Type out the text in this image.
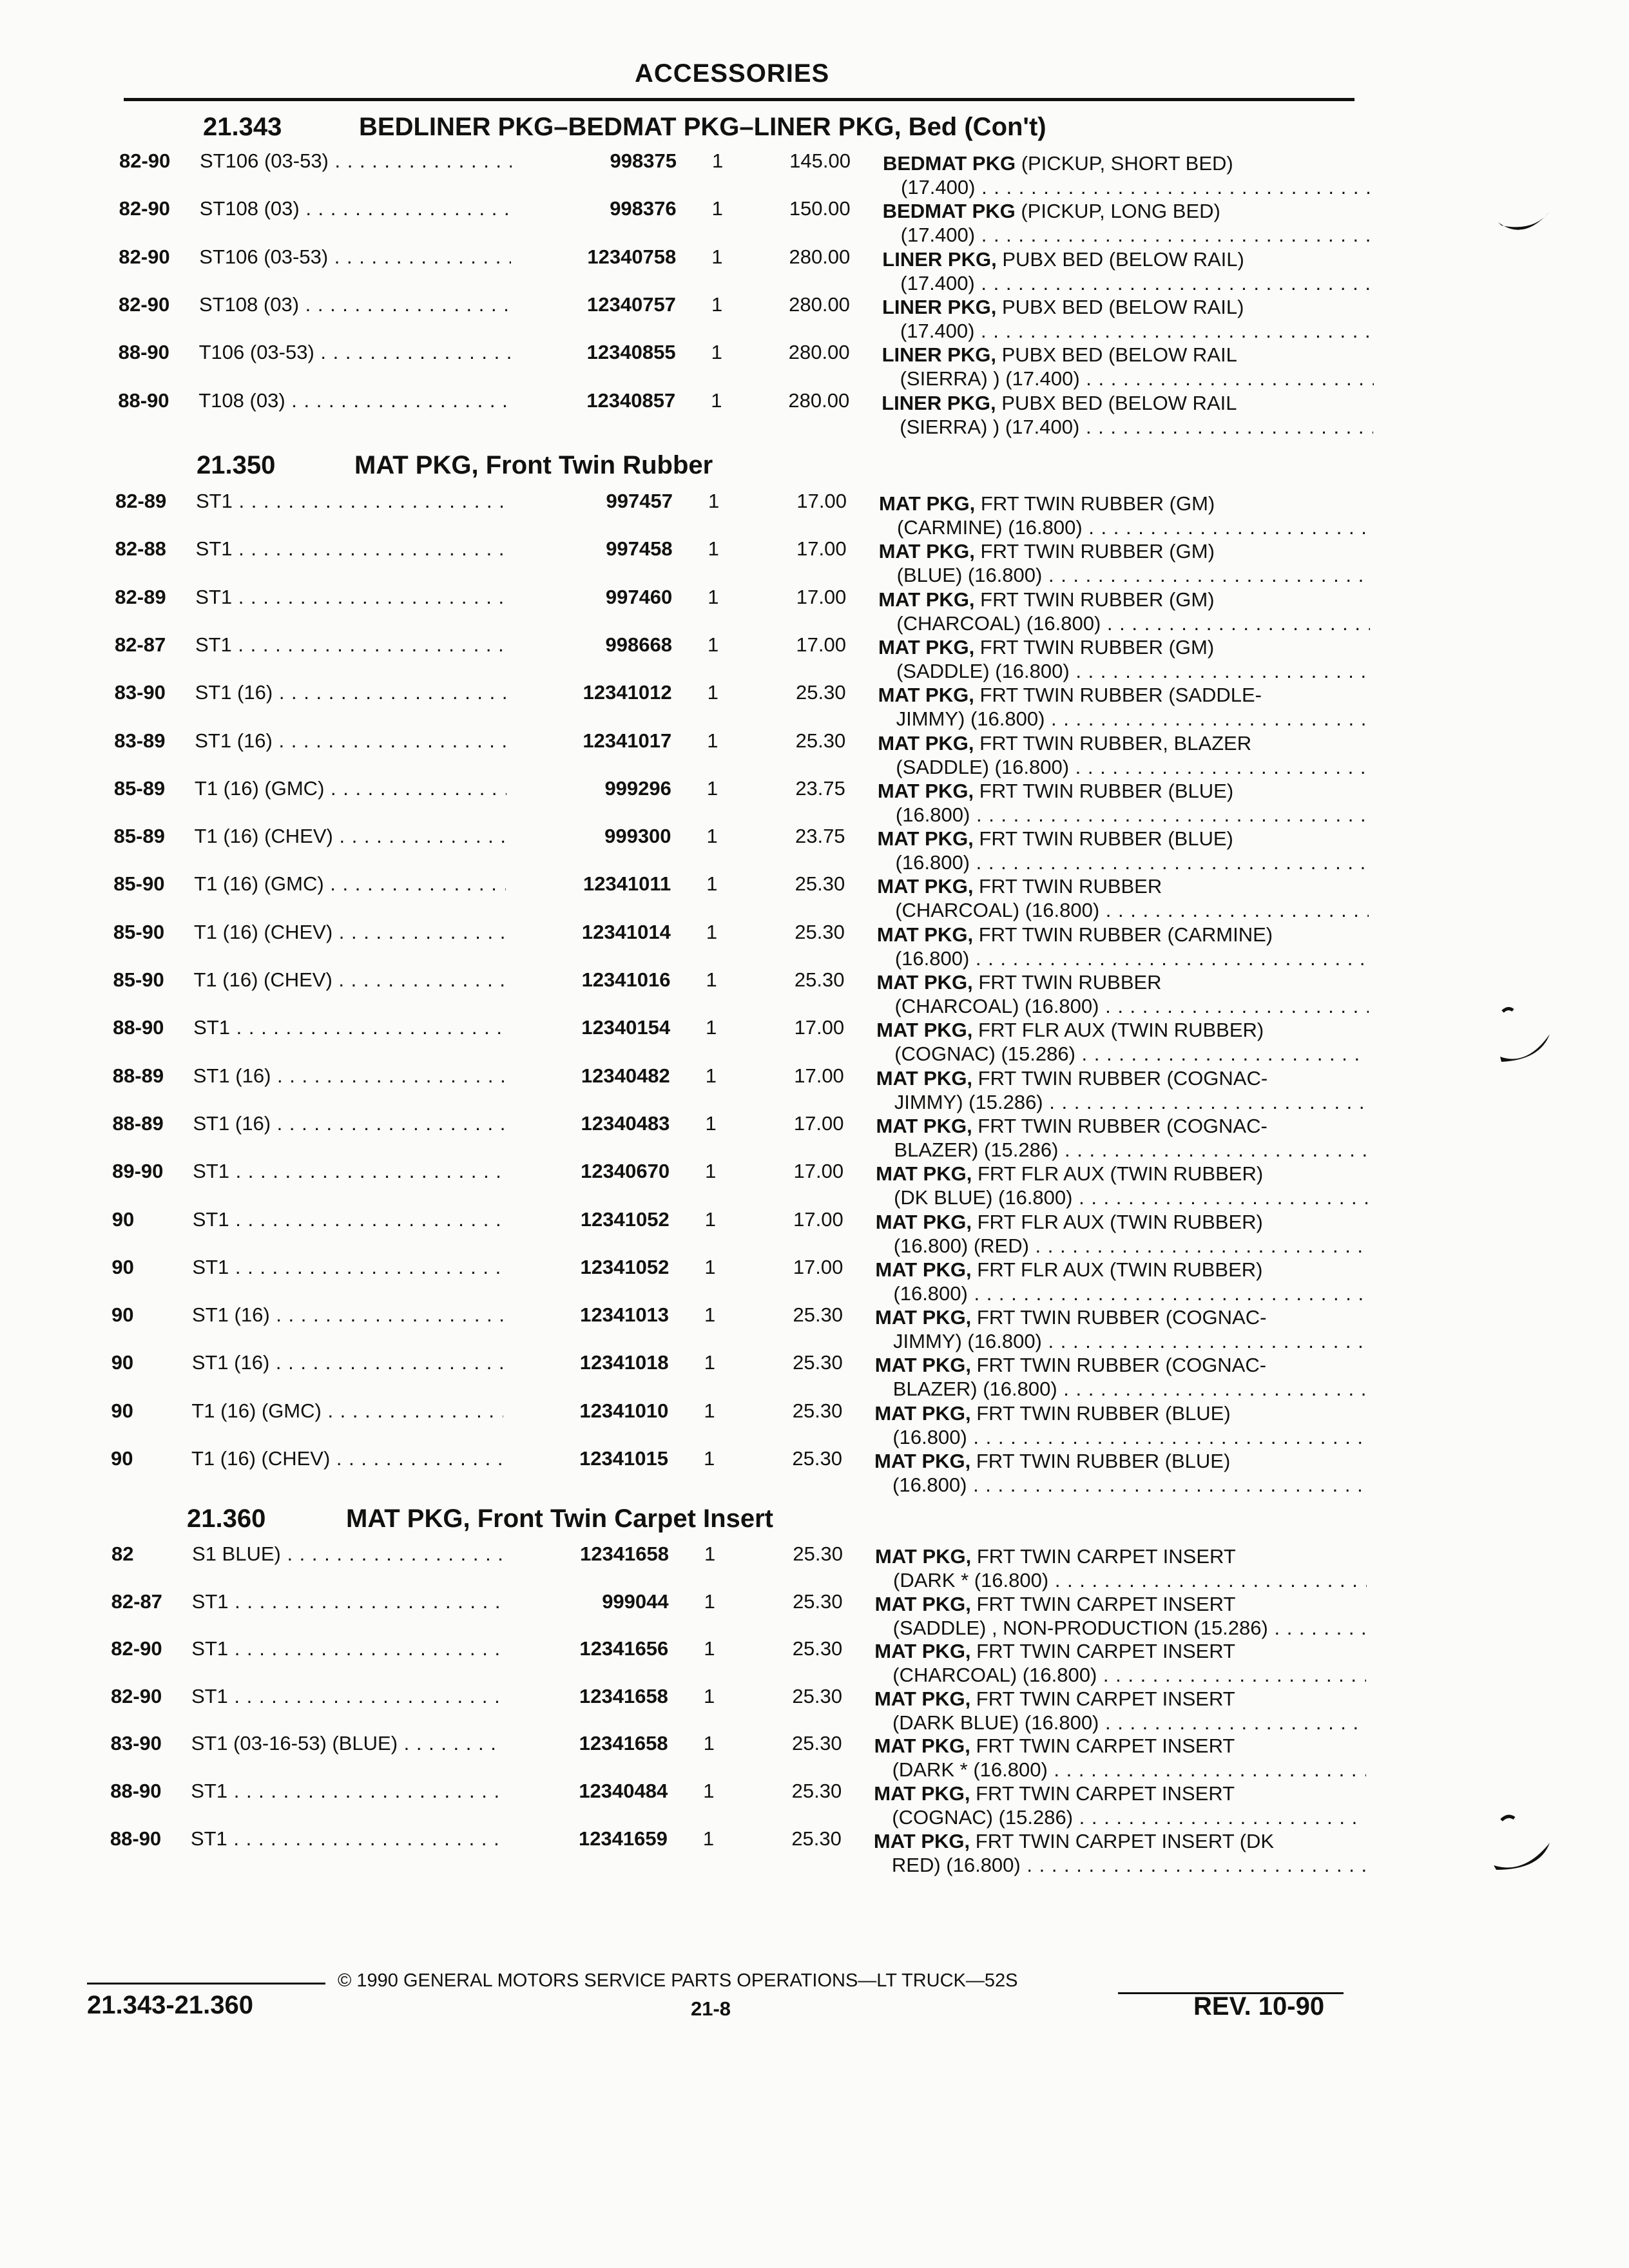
ACCESSORIES
21.343	BEDLINER PKG–BEDMAT PKG–LINER PKG, Bed (Con't)
82-90 ST106 (03-53) . . .	998375 1	145.00 BEDMAT PKG (PICKUP, SHORT BED)
(17.400) . . .
82-90 ST108 (03) . . .	998376 1	150.00 BEDMAT PKG (PICKUP, LONG BED)
(17.400) . . .
82-90 ST106 (03-53) . . .	12340758 1	280.00 LINER PKG, PUBX BED (BELOW RAIL)
(17.400) . . .
82-90 ST108 (03) . . .	12340757 1	280.00 LINER PKG, PUBX BED (BELOW RAIL)
(17.400) . . .
88-90 T106 (03-53) . . .	12340855 1	280.00 LINER PKG, PUBX BED (BELOW RAIL
(SIERRA) ) (17.400) . . .
88-90 T108 (03) . . .	12340857 1	280.00 LINER PKG, PUBX BED (BELOW RAIL
(SIERRA) ) (17.400) . . .
21.350	MAT PKG, Front Twin Rubber
82-89 ST1 . . .	997457 1	17.00 MAT PKG, FRT TWIN RUBBER (GM)
(CARMINE) (16.800) . . .
82-88 ST1 . . .	997458 1	17.00 MAT PKG, FRT TWIN RUBBER (GM)
(BLUE) (16.800) . . .
82-89 ST1 . . .	997460 1	17.00 MAT PKG, FRT TWIN RUBBER (GM)
(CHARCOAL) (16.800) . . .
82-87 ST1 . . .	998668 1	17.00 MAT PKG, FRT TWIN RUBBER (GM)
(SADDLE) (16.800) . . .
83-90 ST1 (16) . . .	12341012 1	25.30 MAT PKG, FRT TWIN RUBBER (SADDLE-
JIMMY) (16.800) . . .
83-89 ST1 (16) . . .	12341017 1	25.30 MAT PKG, FRT TWIN RUBBER, BLAZER
(SADDLE) (16.800) . . .
85-89 T1 (16) (GMC) . . .	999296 1	23.75 MAT PKG, FRT TWIN RUBBER (BLUE)
(16.800) . . .
85-89 T1 (16) (CHEV) . . .	999300 1	23.75 MAT PKG, FRT TWIN RUBBER (BLUE)
(16.800) . . .
85-90 T1 (16) (GMC) . . .	12341011 1	25.30 MAT PKG, FRT TWIN RUBBER
(CHARCOAL) (16.800) . . .
85-90 T1 (16) (CHEV) . . .	12341014 1	25.30 MAT PKG, FRT TWIN RUBBER (CARMINE)
(16.800) . . .
85-90 T1 (16) (CHEV) . . .	12341016 1	25.30 MAT PKG, FRT TWIN RUBBER
(CHARCOAL) (16.800) . . .
88-90 ST1 . . .	12340154 1	17.00 MAT PKG, FRT FLR AUX (TWIN RUBBER)
(COGNAC) (15.286) . . .
88-89 ST1 (16) . . .	12340482 1	17.00 MAT PKG, FRT TWIN RUBBER (COGNAC-
JIMMY) (15.286) . . .
88-89 ST1 (16) . . .	12340483 1	17.00 MAT PKG, FRT TWIN RUBBER (COGNAC-
BLAZER) (15.286) . . .
89-90 ST1 . . .	12340670 1	17.00 MAT PKG, FRT FLR AUX (TWIN RUBBER)
(DK BLUE) (16.800) . . .
90	ST1 . . .	12341052 1	17.00 MAT PKG, FRT FLR AUX (TWIN RUBBER)
(16.800) (RED) . . .
90	ST1 . . .	12341052 1	17.00 MAT PKG, FRT FLR AUX (TWIN RUBBER)
(16.800) . . .
90	ST1 (16) . . .	12341013 1	25.30 MAT PKG, FRT TWIN RUBBER (COGNAC-
JIMMY) (16.800) . . .
90	ST1 (16) . . .	12341018 1	25.30 MAT PKG, FRT TWIN RUBBER (COGNAC-
BLAZER) (16.800) . . .
90	T1 (16) (GMC) . . .	12341010 1	25.30 MAT PKG, FRT TWIN RUBBER (BLUE)
(16.800) . . .
90	T1 (16) (CHEV) . . .	12341015 1	25.30 MAT PKG, FRT TWIN RUBBER (BLUE)
(16.800) . . .
21.360	MAT PKG, Front Twin Carpet Insert
82	S1 BLUE) . . .	12341658 1	25.30 MAT PKG, FRT TWIN CARPET INSERT
(DARK * (16.800) . . .
82-87 ST1 . . .	999044 1	25.30 MAT PKG, FRT TWIN CARPET INSERT
(SADDLE) , NON-PRODUCTION (15.286) . . .
82-90 ST1 . . .	12341656 1	25.30 MAT PKG, FRT TWIN CARPET INSERT
(CHARCOAL) (16.800) . . .
82-90 ST1 . . .	12341658 1	25.30 MAT PKG, FRT TWIN CARPET INSERT
(DARK BLUE) (16.800) . . .
83-90 ST1 (03-16-53) (BLUE) . . .	12341658 1	25.30 MAT PKG, FRT TWIN CARPET INSERT
(DARK * (16.800) . . .
88-90 ST1 . . .	12340484 1	25.30 MAT PKG, FRT TWIN CARPET INSERT
(COGNAC) (15.286) . . .
88-90 ST1 . . .	12341659 1	25.30 MAT PKG, FRT TWIN CARPET INSERT (DK
RED) (16.800) . . .
© 1990 GENERAL MOTORS SERVICE PARTS OPERATIONS—LT TRUCK—52S
21.343-21.360	21-8	REV. 10-90
